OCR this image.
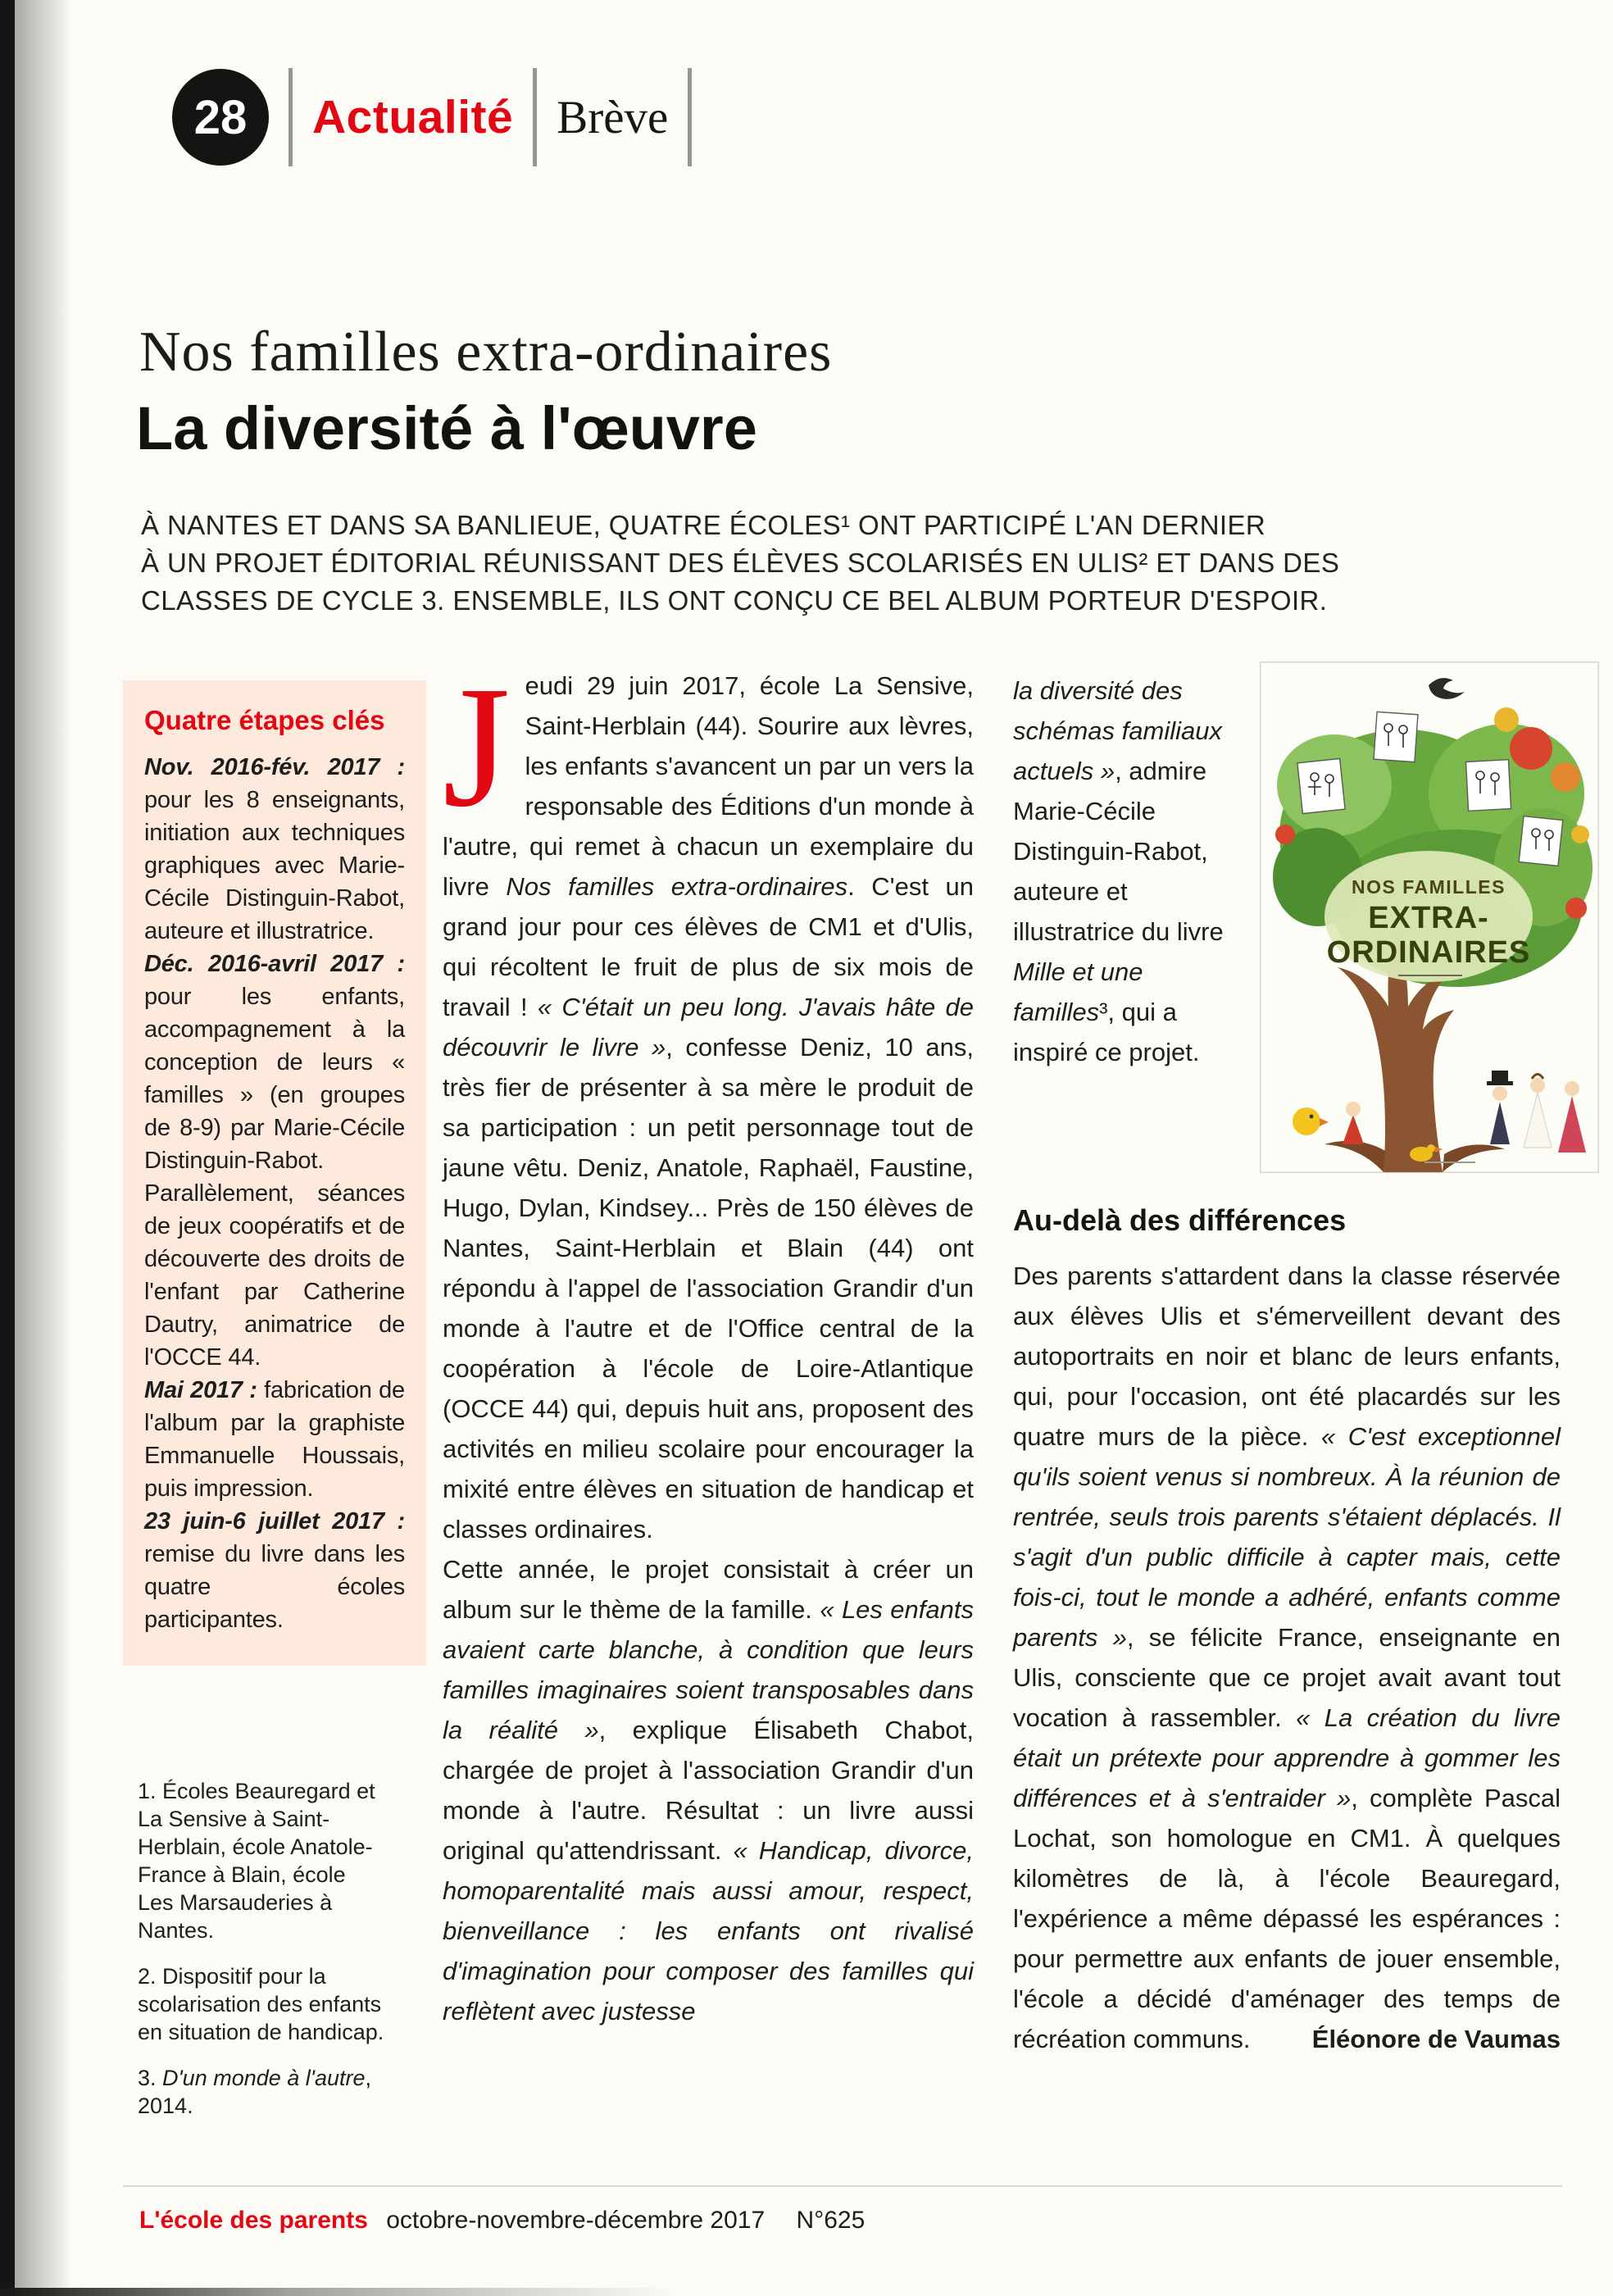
28	Actualité Brève
Nos familles extra-ordinaires
La diversité à l'œuvre
À NANTES ET DANS SA BANLIEUE, QUATRE ÉCOLES¹ ONT PARTICIPÉ L'AN DERNIER
À UN PROJET ÉDITORIAL RÉUNISSANT DES ÉLÈVES SCOLARISÉS EN ULIS² ET DANS DES
CLASSES DE CYCLE 3. ENSEMBLE, ILS ONT CONÇU CE BEL ALBUM PORTEUR D'ESPOIR.
Quatre étapes clés

Nov. 2016-fév. 2017 : pour les 8 enseignants, initiation aux techniques graphiques avec Marie-Cécile Distinguin-Rabot, auteure et illustratrice.

Déc. 2016-avril 2017 : pour les enfants, accompagnement à la conception de leurs « familles » (en groupes de 8-9) par Marie-Cécile Distinguin-Rabot. Parallèlement, séances de jeux coopératifs et de découverte des droits de l'enfant par Catherine Dautry, animatrice de l'OCCE 44.

Mai 2017 : fabrication de l'album par la graphiste Emmanuelle Houssais, puis impression.

23 juin-6 juillet 2017 : remise du livre dans les quatre écoles participantes.

1. Écoles Beauregard et La Sensive à Saint-Herblain, école Anatole-France à Blain, école Les Marsauderies à Nantes.

2. Dispositif pour la scolarisation des enfants en situation de handicap.

3. D'un monde à l'autre, 2014.

Jeudi 29 juin 2017, école La Sensive, Saint-Herblain (44). Sourire aux lèvres, les enfants s'avancent un par un vers la responsable des Éditions d'un monde à l'autre, qui remet à chacun un exemplaire du livre Nos familles extra-ordinaires. C'est un grand jour pour ces élèves de CM1 et d'Ulis, qui récoltent le fruit de plus de six mois de travail ! « C'était un peu long. J'avais hâte de découvrir le livre », confesse Deniz, 10 ans, très fier de présenter à sa mère le produit de sa participation : un petit personnage tout de jaune vêtu. Deniz, Anatole, Raphaël, Faustine, Hugo, Dylan, Kindsey... Près de 150 élèves de Nantes, Saint-Herblain et Blain (44) ont répondu à l'appel de l'association Grandir d'un monde à l'autre et de l'Office central de la coopération à l'école de Loire-Atlantique (OCCE 44) qui, depuis huit ans, proposent des activités en milieu scolaire pour encourager la mixité entre élèves en situation de handicap et classes ordinaires.

Cette année, le projet consistait à créer un album sur le thème de la famille. « Les enfants avaient carte blanche, à condition que leurs familles imaginaires soient transposables dans la réalité », explique Élisabeth Chabot, chargée de projet à l'association Grandir d'un monde à l'autre. Résultat : un livre aussi original qu'attendrissant. « Handicap, divorce, homoparentalité mais aussi amour, respect, bienveillance : les enfants ont rivalisé d'imagination pour composer des familles qui reflètent avec justesse

la diversité des schémas familiaux actuels », admire Marie-Cécile Distinguin-Rabot, auteure et illustratrice du livre Mille et une familles³, qui a inspiré ce projet.

NOS FAMILLES
EXTRA-
ORDINAIRES
Au-delà des différences

Des parents s'attardent dans la classe réservée aux élèves Ulis et s'émerveillent devant des autoportraits en noir et blanc de leurs enfants, qui, pour l'occasion, ont été placardés sur les quatre murs de la pièce. « C'est exceptionnel qu'ils soient venus si nombreux. À la réunion de rentrée, seuls trois parents s'étaient déplacés. Il s'agit d'un public difficile à capter mais, cette fois-ci, tout le monde a adhéré, enfants comme parents », se félicite France, enseignante en Ulis, consciente que ce projet avait avant tout vocation à rassembler. « La création du livre était un prétexte pour apprendre à gommer les différences et à s'entraider », complète Pascal Lochat, son homologue en CM1. À quelques kilomètres de là, à l'école Beauregard, l'expérience a même dépassé les espérances : pour permettre aux enfants de jouer ensemble, l'école a décidé d'aménager des temps de récréation communs.	Éléonore de Vaumas
L'école des parents octobre-novembre-décembre 2017 N°625
